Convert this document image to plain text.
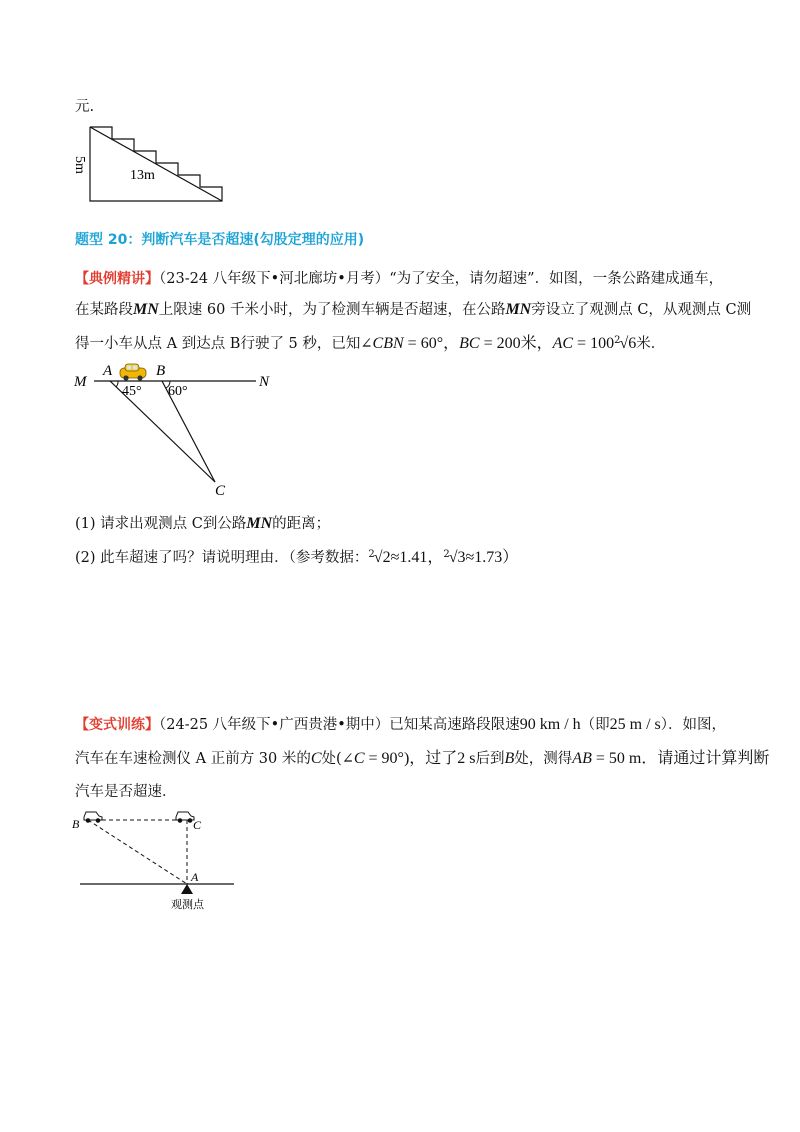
元.
5m
13m
题型 20：判断汽车是否超速(勾股定理的应用)
【典例精讲】（23-24 八年级下•河北廊坊•月考）“为了安全，请勿超速”．如图，一条公路建成通车，
在某路段MN上限速 60 千米小时，为了检测车辆是否超速，在公路MN旁设立了观测点 C，从观测点 C测
得一小车从点 A 到达点 B行驶了 5 秒，已知∠CBN = 60°，BC = 200米，AC = $100^2√6$米．
M
A	B
N
C
45° 60°
(1) 请求出观测点 C到公路MN的距离；
(2) 此车超速了吗？请说明理由．（参考数据：$^2$√2≈1.41，$^2$√3≈1.73）
【变式训练】（24-25 八年级下•广西贵港•期中）已知某高速路段限速90 km / h（即25 m / s）．如图，
汽车在车速检测仪 A 正前方 30 米的C处(∠C = 90°)，过了2 s后到B处，测得AB = 50 m．请通过计算判断
汽车是否超速．
B	C
A
观测点
